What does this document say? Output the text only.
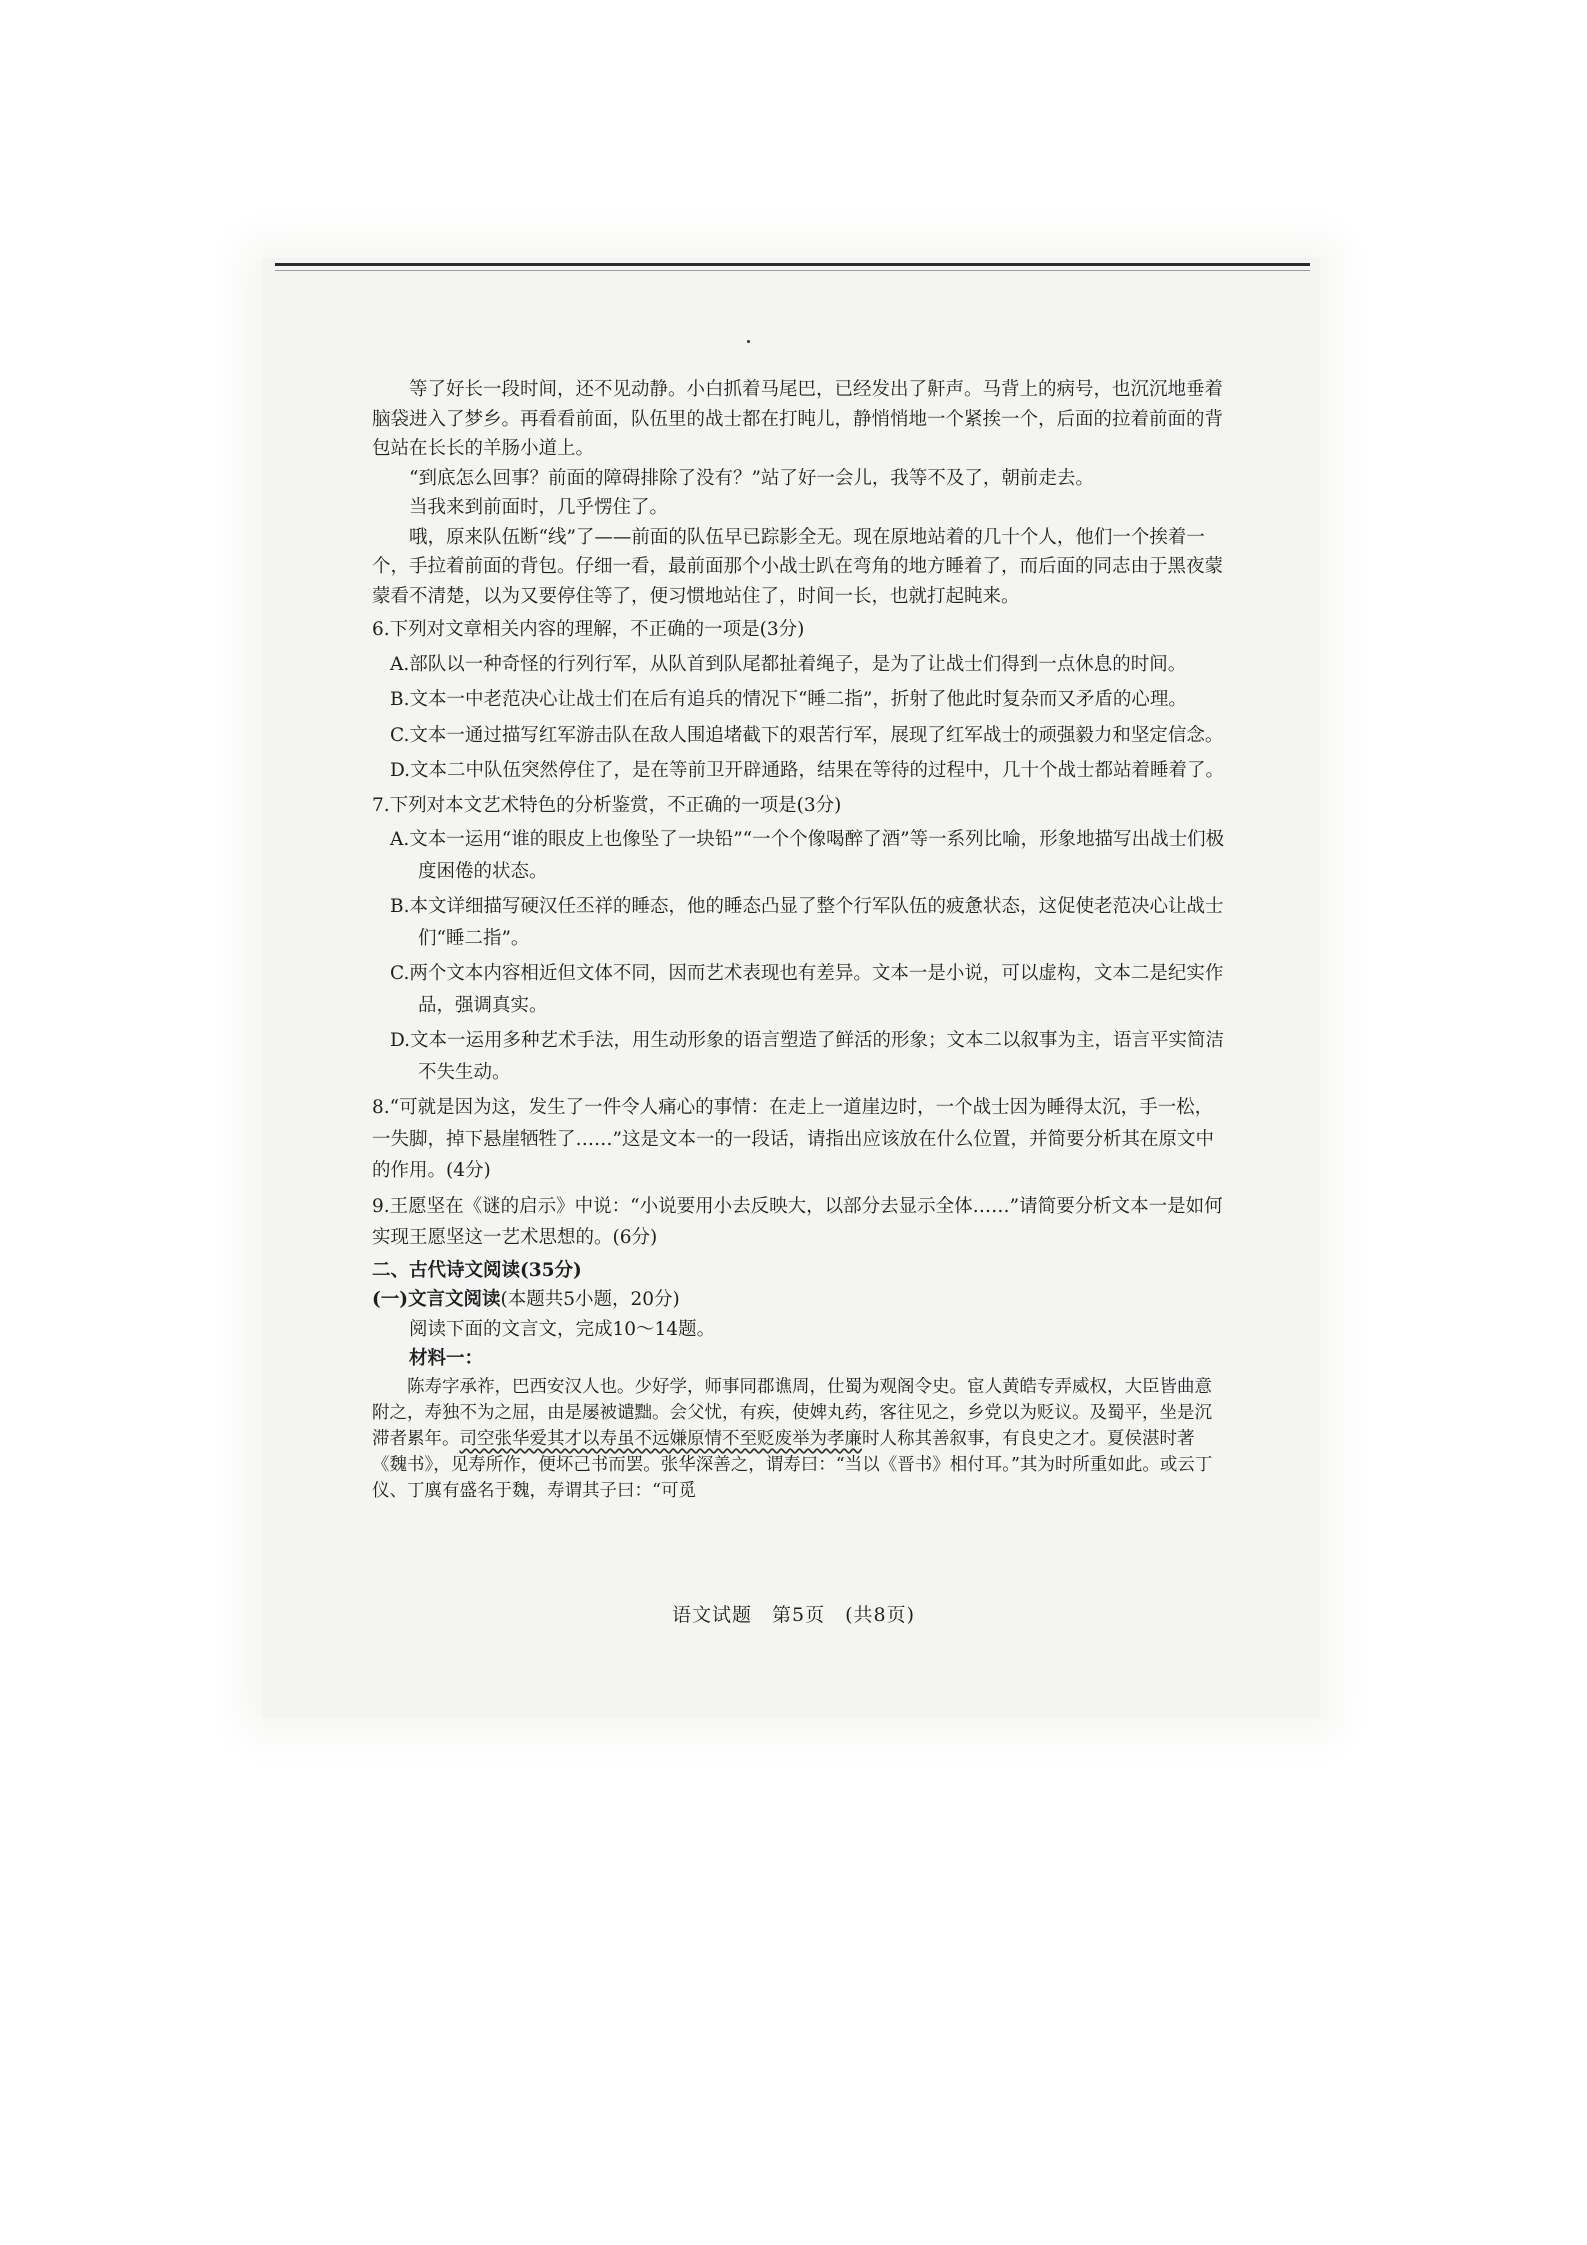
等了好长一段时间，还不见动静。小白抓着马尾巴，已经发出了鼾声。马背上的病号，也沉沉地垂着脑袋进入了梦乡。再看看前面，队伍里的战士都在打盹儿，静悄悄地一个紧挨一个，后面的拉着前面的背包站在长长的羊肠小道上。

“到底怎么回事？前面的障碍排除了没有？”站了好一会儿，我等不及了，朝前走去。

当我来到前面时，几乎愣住了。

哦，原来队伍断“线”了——前面的队伍早已踪影全无。现在原地站着的几十个人，他们一个挨着一个，手拉着前面的背包。仔细一看，最前面那个小战士趴在弯角的地方睡着了，而后面的同志由于黑夜蒙蒙看不清楚，以为又要停住等了，便习惯地站住了，时间一长，也就打起盹来。

6.下列对文章相关内容的理解，不正确的一项是(3分)

A.部队以一种奇怪的行列行军，从队首到队尾都扯着绳子，是为了让战士们得到一点休息的时间。

B.文本一中老范决心让战士们在后有追兵的情况下“睡二指”，折射了他此时复杂而又矛盾的心理。

C.文本一通过描写红军游击队在敌人围追堵截下的艰苦行军，展现了红军战士的顽强毅力和坚定信念。

D.文本二中队伍突然停住了，是在等前卫开辟通路，结果在等待的过程中，几十个战士都站着睡着了。

7.下列对本文艺术特色的分析鉴赏，不正确的一项是(3分)

A.文本一运用“谁的眼皮上也像坠了一块铅”“一个个像喝醉了酒”等一系列比喻，形象地描写出战士们极度困倦的状态。

B.本文详细描写硬汉任丕祥的睡态，他的睡态凸显了整个行军队伍的疲惫状态，这促使老范决心让战士们“睡二指”。

C.两个文本内容相近但文体不同，因而艺术表现也有差异。文本一是小说，可以虚构，文本二是纪实作品，强调真实。

D.文本一运用多种艺术手法，用生动形象的语言塑造了鲜活的形象；文本二以叙事为主，语言平实简洁不失生动。

8.“可就是因为这，发生了一件令人痛心的事情：在走上一道崖边时，一个战士因为睡得太沉，手一松，一失脚，掉下悬崖牺牲了……”这是文本一的一段话，请指出应该放在什么位置，并简要分析其在原文中的作用。(4分)

9.王愿坚在《谜的启示》中说：“小说要用小去反映大，以部分去显示全体……”请简要分析文本一是如何实现王愿坚这一艺术思想的。(6分)

二、古代诗文阅读(35分)

(一)文言文阅读(本题共5小题，20分)

阅读下面的文言文，完成10～14题。

材料一：

陈寿字承祚，巴西安汉人也。少好学，师事同郡谯周，仕蜀为观阁令史。宦人黄皓专弄威权，大臣皆曲意附之，寿独不为之屈，由是屡被谴黜。会父忧，有疾，使婢丸药，客往见之，乡党以为贬议。及蜀平，坐是沉滞者累年。司空张华爱其才以寿虽不远嫌原情不至贬废举为孝廉时人称其善叙事，有良史之才。夏侯湛时著《魏书》，见寿所作，便坏己书而罢。张华深善之，谓寿曰：“当以《晋书》相付耳。”其为时所重如此。或云丁仪、丁廙有盛名于魏，寿谓其子曰：“可觅

语文试题　第5页　(共8页)
